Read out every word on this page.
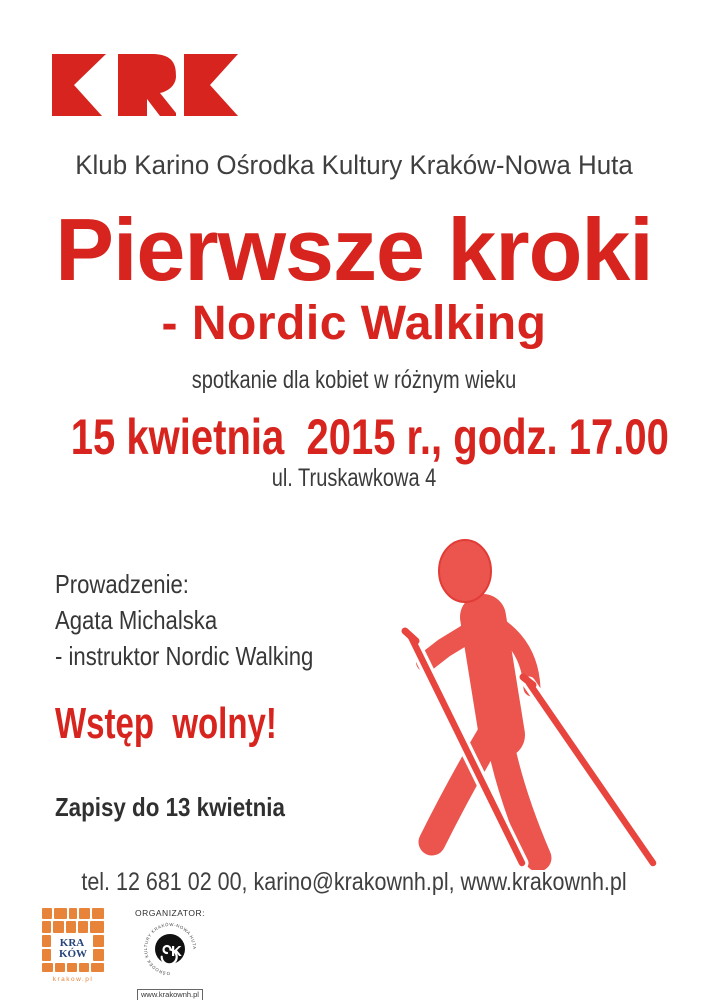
Klub Karino Ośrodka Kultury Kraków-Nowa Huta
Pierwsze kroki
- Nordic Walking
spotkanie dla kobiet w różnym wieku
15 kwietnia  2015 r., godz. 17.00
ul. Truskawkowa 4
Prowadzenie:
Agata Michalska
- instruktor Nordic Walking
Wstęp  wolny!
Zapisy do 13 kwietnia
tel. 12 681 02 00, karino@krakownh.pl, www.krakownh.pl
KRA
KÓW
krakow.pl
ORGANIZATOR:
OŚRODEK KULTURY KRAKÓW-NOWA HUTA
K
www.krakownh.pl
